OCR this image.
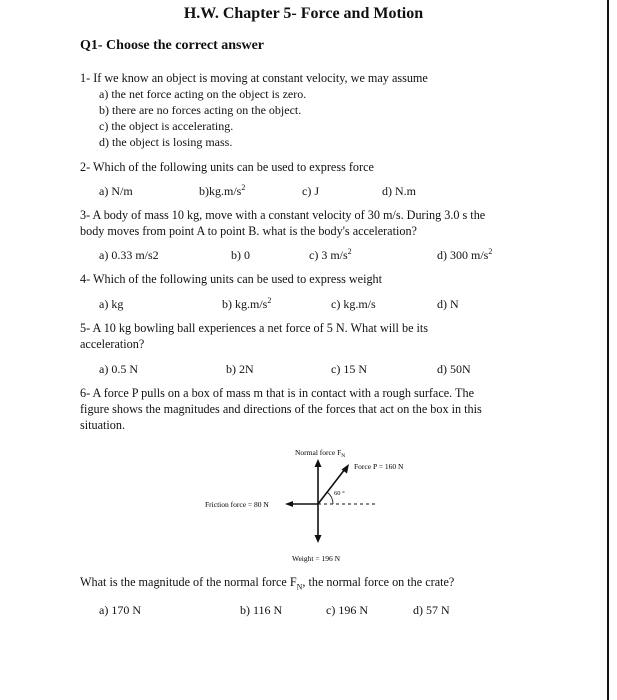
H.W. Chapter 5- Force and Motion
Q1- Choose the correct answer
1- If we know an object is moving at constant velocity, we may assume
a) the net force acting on the object is zero.
b) there are no forces acting on the object.
c) the object is accelerating.
d) the object is losing mass.
2- Which of the following units can be used to express force
a) N/m	$b)kg.m/s^2$	c) J	d) N.m
3- A body of mass 10 kg, move with a constant velocity of 30 m/s. During 3.0 s the
body moves from point A to point B. what is the body's acceleration?
a) 0.33 m/s2	b) 0	c) 3 $m/s^2$	d) 300 $m/s^2$
4- Which of the following units can be used to express weight
a) kg	b) $kg.m/s^2$	c) kg.m/s	d) N
5- A 10 kg bowling ball experiences a net force of 5 N. What will be its
acceleration?
a) 0.5 N	b) 2N	c) 15 N	d) 50N
6- A force P pulls on a box of mass m that is in contact with a rough surface. The
figure shows the magnitudes and directions of the forces that act on the box in this
situation.
Normal force $F_N$
Force P = 160 N
60 °
Friction force = 80 N
Weight = 196 N
What is the magnitude of the normal force $F_N$, the normal force on the crate?
a) 170 N	b) 116 N	c) 196 N	d) 57 N
